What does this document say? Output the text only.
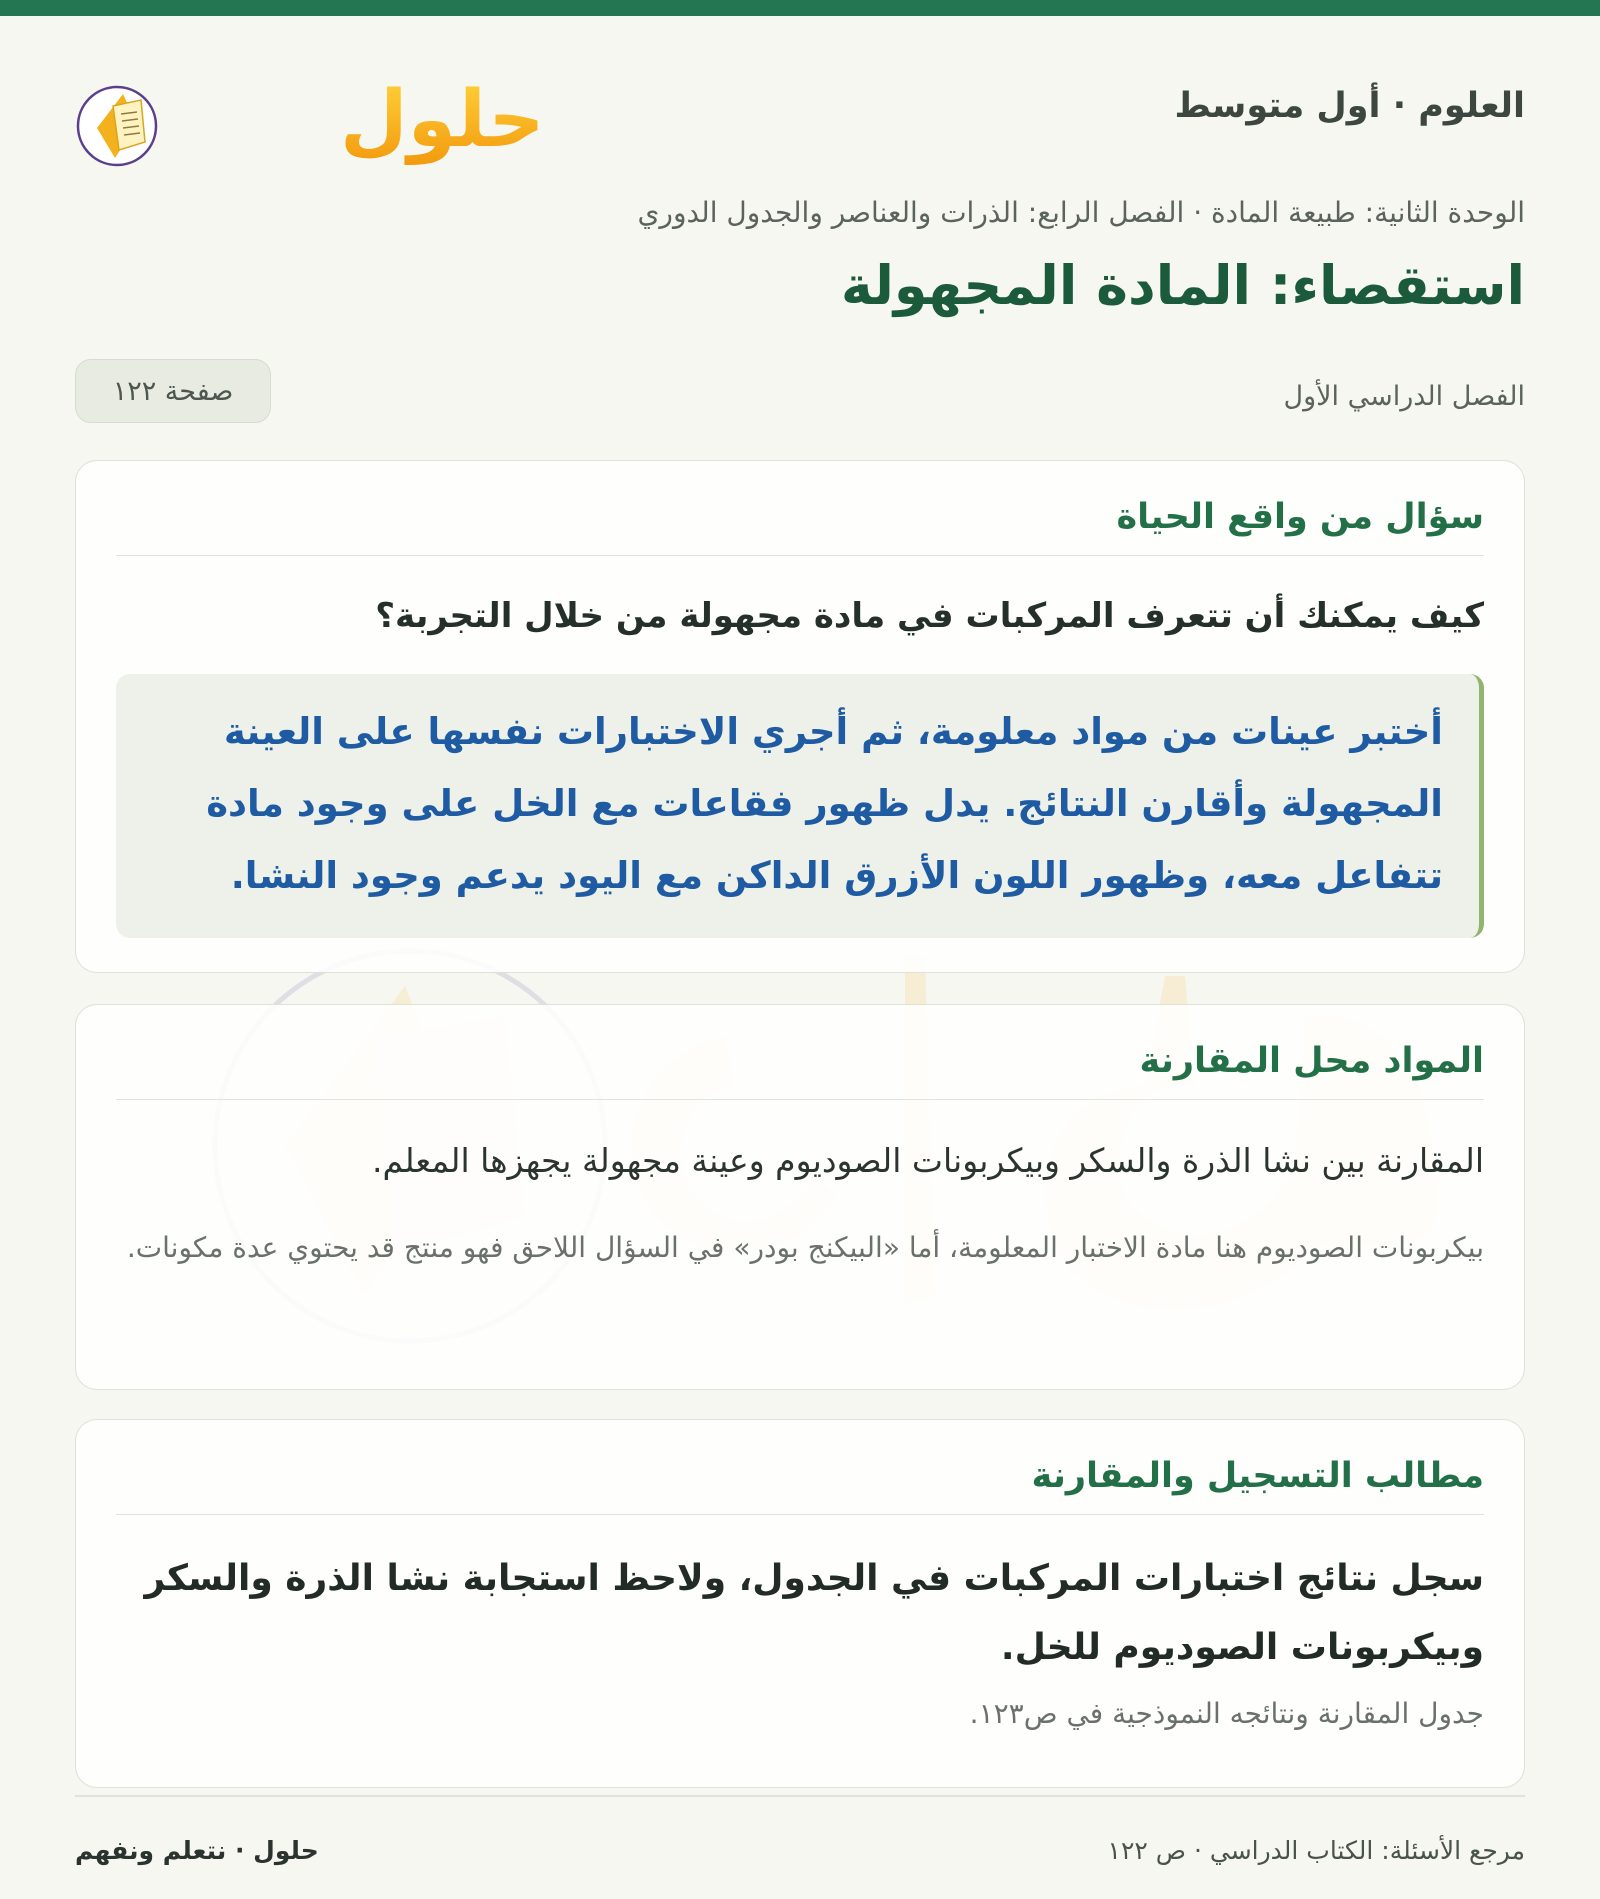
العلوم · أول متوسط
حلول
الوحدة الثانية: طبيعة المادة · الفصل الرابع: الذرات والعناصر والجدول الدوري
استقصاء: المادة المجهولة
الفصل الدراسي الأول
صفحة ١٢٢
سؤال من واقع الحياة
كيف يمكنك أن تتعرف المركبات في مادة مجهولة من خلال التجربة؟
أختبر عينات من مواد معلومة، ثم أجري الاختبارات نفسها على العينة المجهولة وأقارن النتائج. يدل ظهور فقاعات مع الخل على وجود مادة تتفاعل معه، وظهور اللون الأزرق الداكن مع اليود يدعم وجود النشا.
المواد محل المقارنة
المقارنة بين نشا الذرة والسكر وبيكربونات الصوديوم وعينة مجهولة يجهزها المعلم.
بيكربونات الصوديوم هنا مادة الاختبار المعلومة، أما «البيكنج بودر» في السؤال اللاحق فهو منتج قد يحتوي عدة مكونات.
مطالب التسجيل والمقارنة
سجل نتائج اختبارات المركبات في الجدول، ولاحظ استجابة نشا الذرة والسكر وبيكربونات الصوديوم للخل.
جدول المقارنة ونتائجه النموذجية في ص١٢٣.
مرجع الأسئلة: الكتاب الدراسي · ص ١٢٢
حلول · نتعلم ونفهم
